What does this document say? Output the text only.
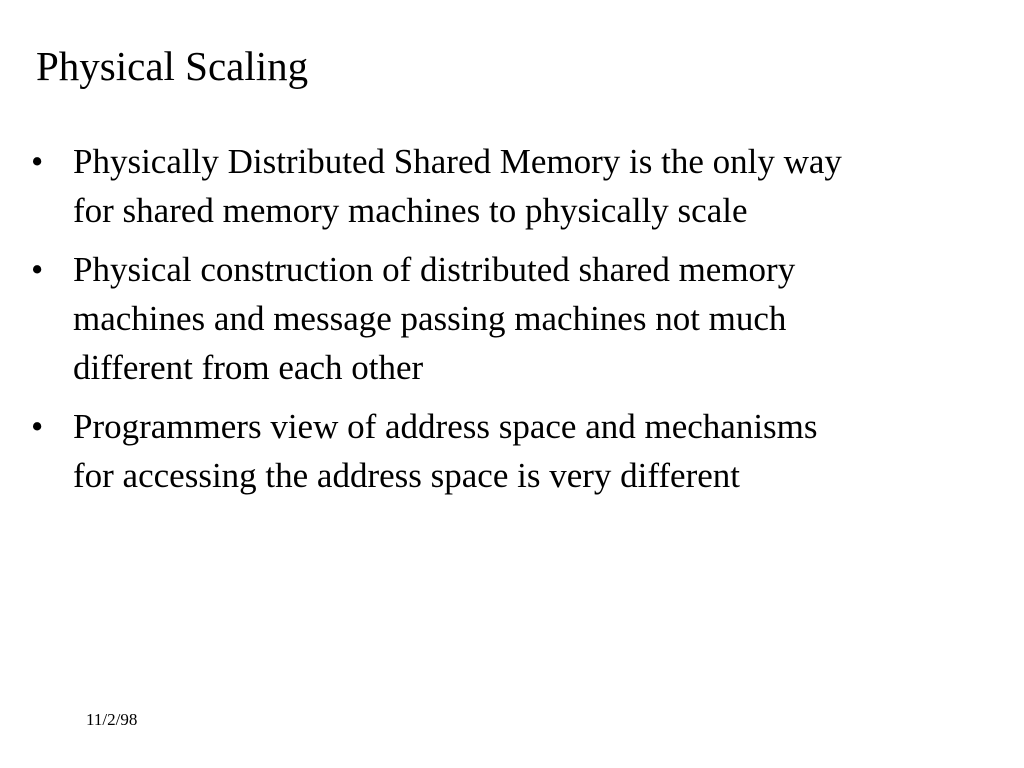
Physical Scaling
• Physically Distributed Shared Memory is the only way
for shared memory machines to physically scale
• Physical construction of distributed shared memory
machines and message passing machines not much
different from each other
• Programmers view of address space and mechanisms
for accessing the address space is very different
11/2/98
